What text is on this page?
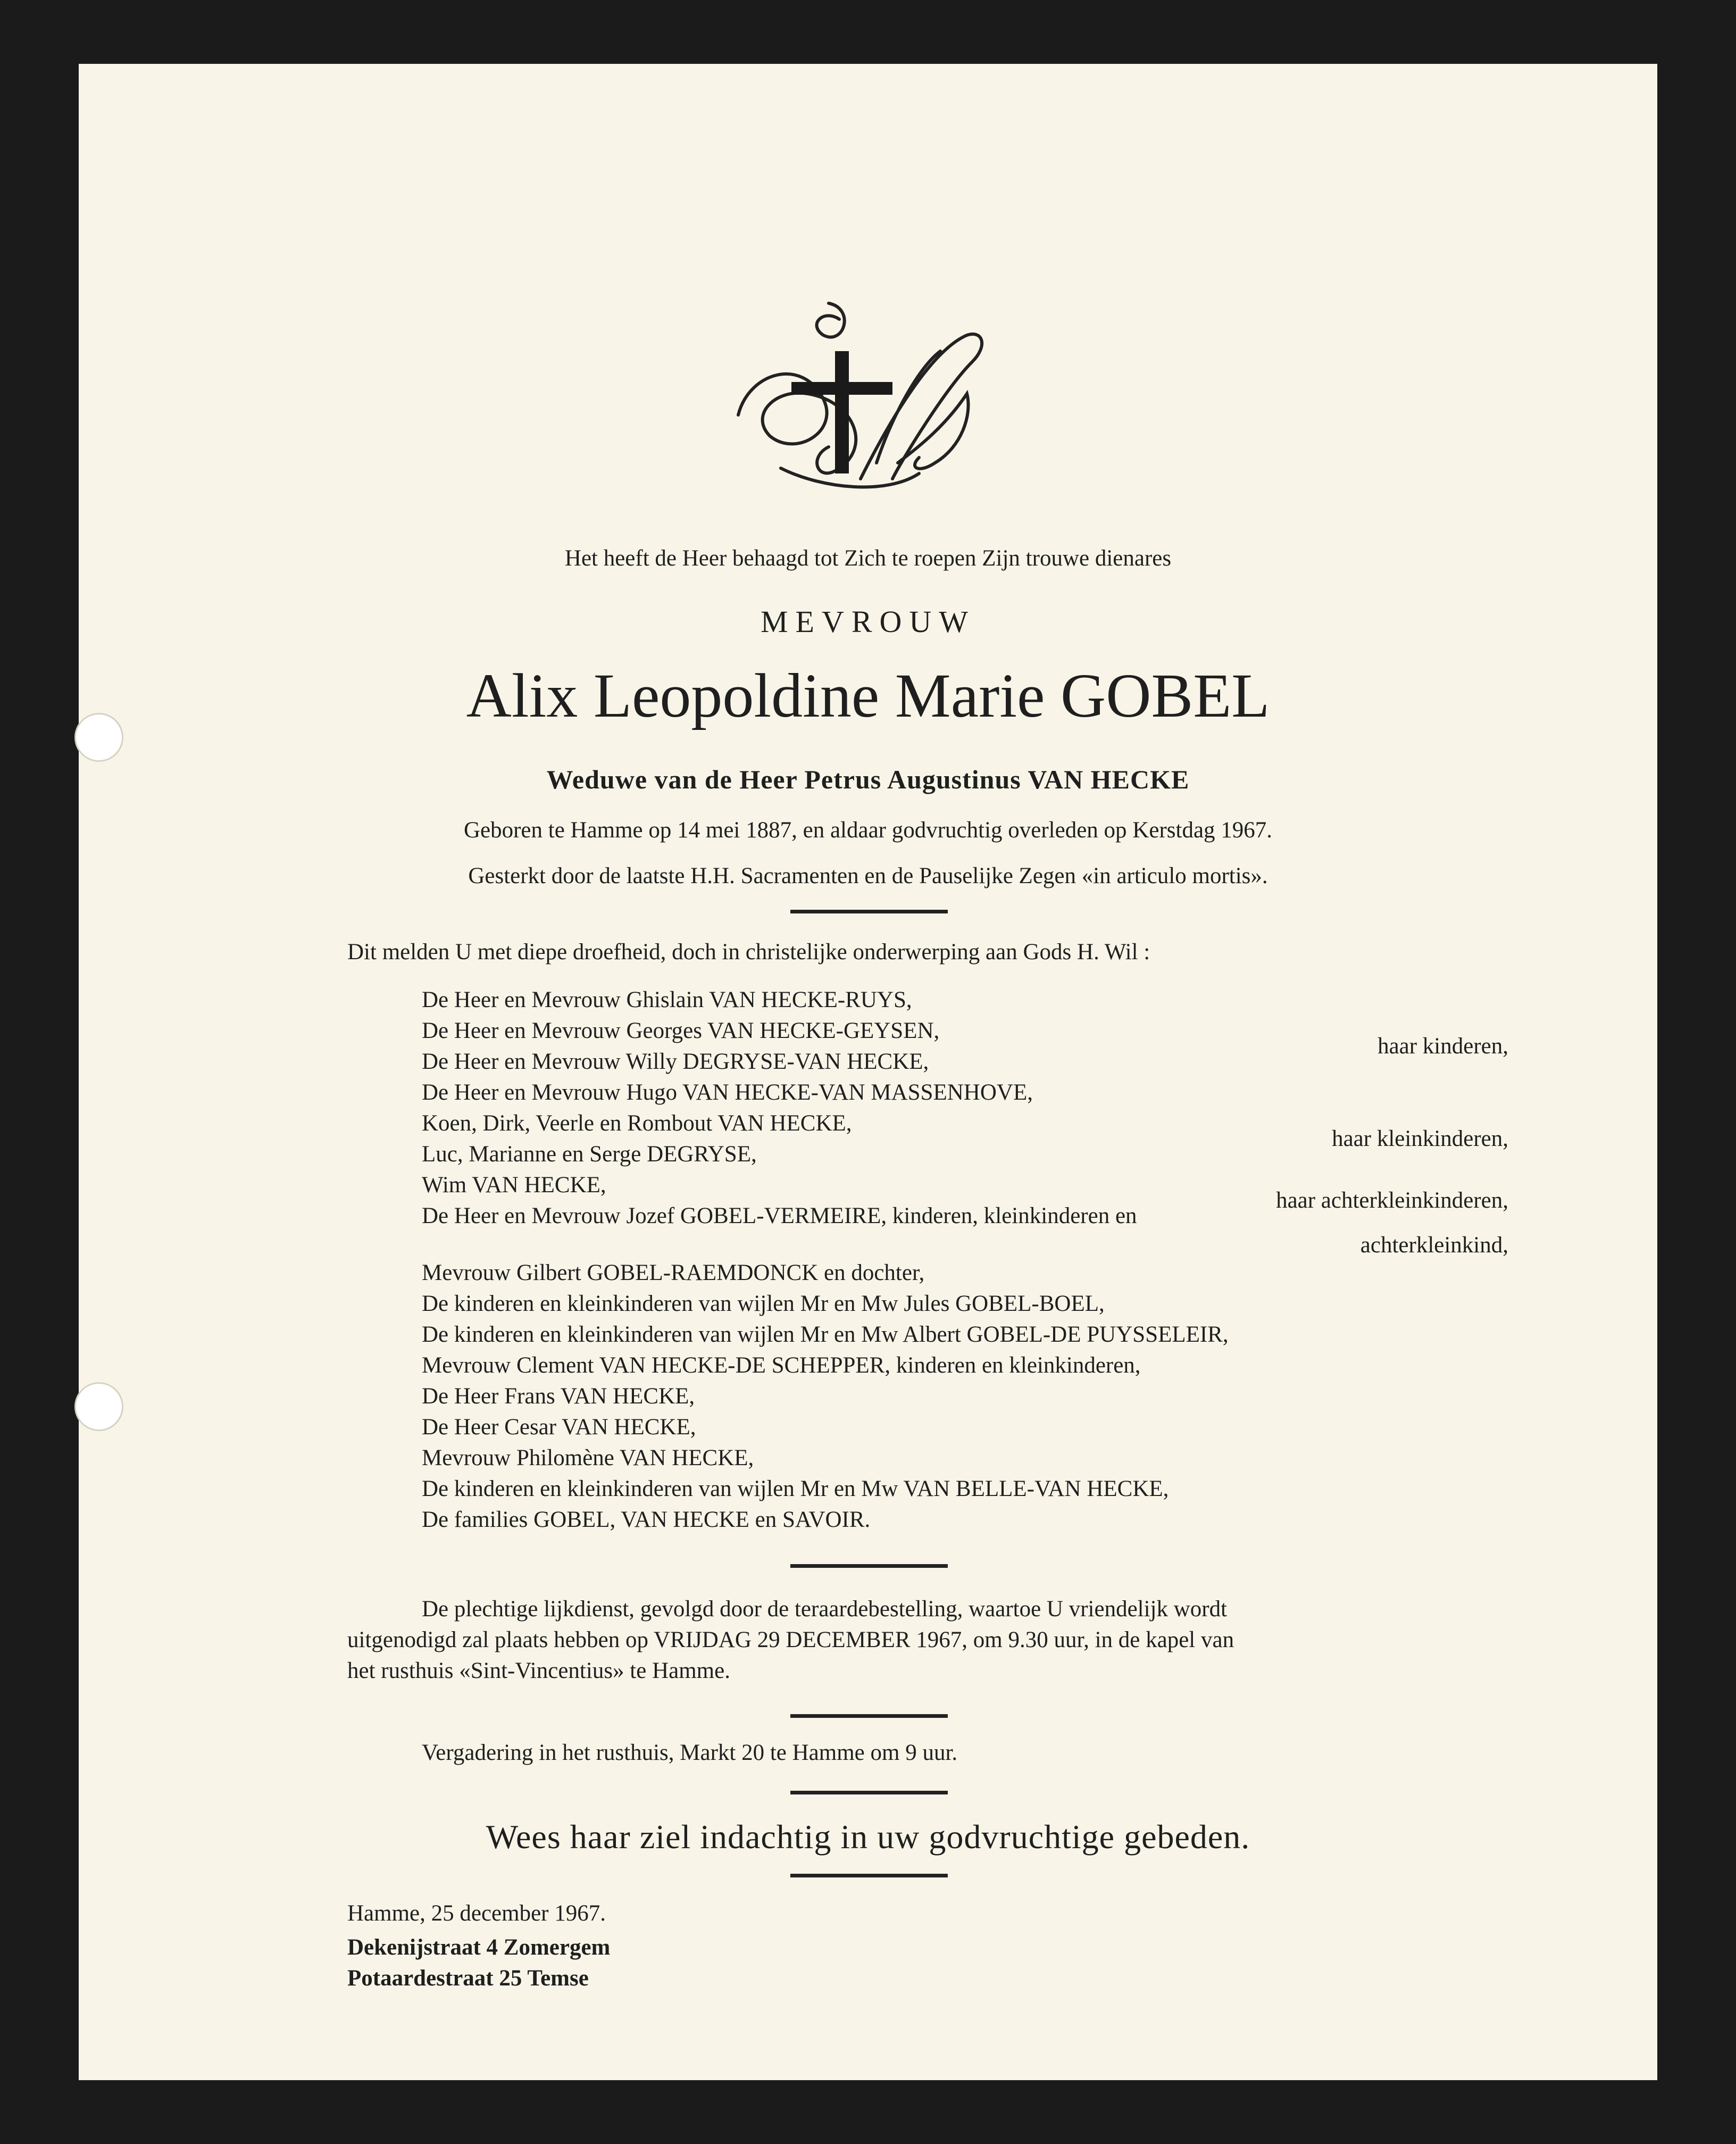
Het heeft de Heer behaagd tot Zich te roepen Zijn trouwe dienares
MEVROUW
Alix Leopoldine Marie GOBEL
Weduwe van de Heer Petrus Augustinus VAN HECKE
Geboren te Hamme op 14 mei 1887, en aldaar godvruchtig overleden op Kerstdag 1967.
Gesterkt door de laatste H.H. Sacramenten en de Pauselijke Zegen «in articulo mortis».
Dit melden U met diepe droefheid, doch in christelijke onderwerping aan Gods H. Wil :
De Heer en Mevrouw Ghislain VAN HECKE-RUYS,
De Heer en Mevrouw Georges VAN HECKE-GEYSEN,
De Heer en Mevrouw Willy DEGRYSE-VAN HECKE,
De Heer en Mevrouw Hugo VAN HECKE-VAN MASSENHOVE,
Koen, Dirk, Veerle en Rombout VAN HECKE,
Luc, Marianne en Serge DEGRYSE,
Wim VAN HECKE,
De Heer en Mevrouw Jozef GOBEL-VERMEIRE, kinderen, kleinkinderen en
Mevrouw Gilbert GOBEL-RAEMDONCK en dochter,
De kinderen en kleinkinderen van wijlen Mr en Mw Jules GOBEL-BOEL,
De kinderen en kleinkinderen van wijlen Mr en Mw Albert GOBEL-DE PUYSSELEIR,
Mevrouw Clement VAN HECKE-DE SCHEPPER, kinderen en kleinkinderen,
De Heer Frans VAN HECKE,
De Heer Cesar VAN HECKE,
Mevrouw Philomène VAN HECKE,
De kinderen en kleinkinderen van wijlen Mr en Mw VAN BELLE-VAN HECKE,
De families GOBEL, VAN HECKE en SAVOIR.
haar kinderen,
haar kleinkinderen,
haar achterkleinkinderen,
achterkleinkind,
De plechtige lijkdienst, gevolgd door de teraardebestelling, waartoe U vriendelijk wordt
uitgenodigd zal plaats hebben op VRIJDAG 29 DECEMBER 1967, om 9.30 uur, in de kapel van
het rusthuis «Sint-Vincentius» te Hamme.
Vergadering in het rusthuis, Markt 20 te Hamme om 9 uur.
Wees haar ziel indachtig in uw godvruchtige gebeden.
Hamme, 25 december 1967.
Dekenijstraat 4 Zomergem
Potaardestraat 25 Temse
